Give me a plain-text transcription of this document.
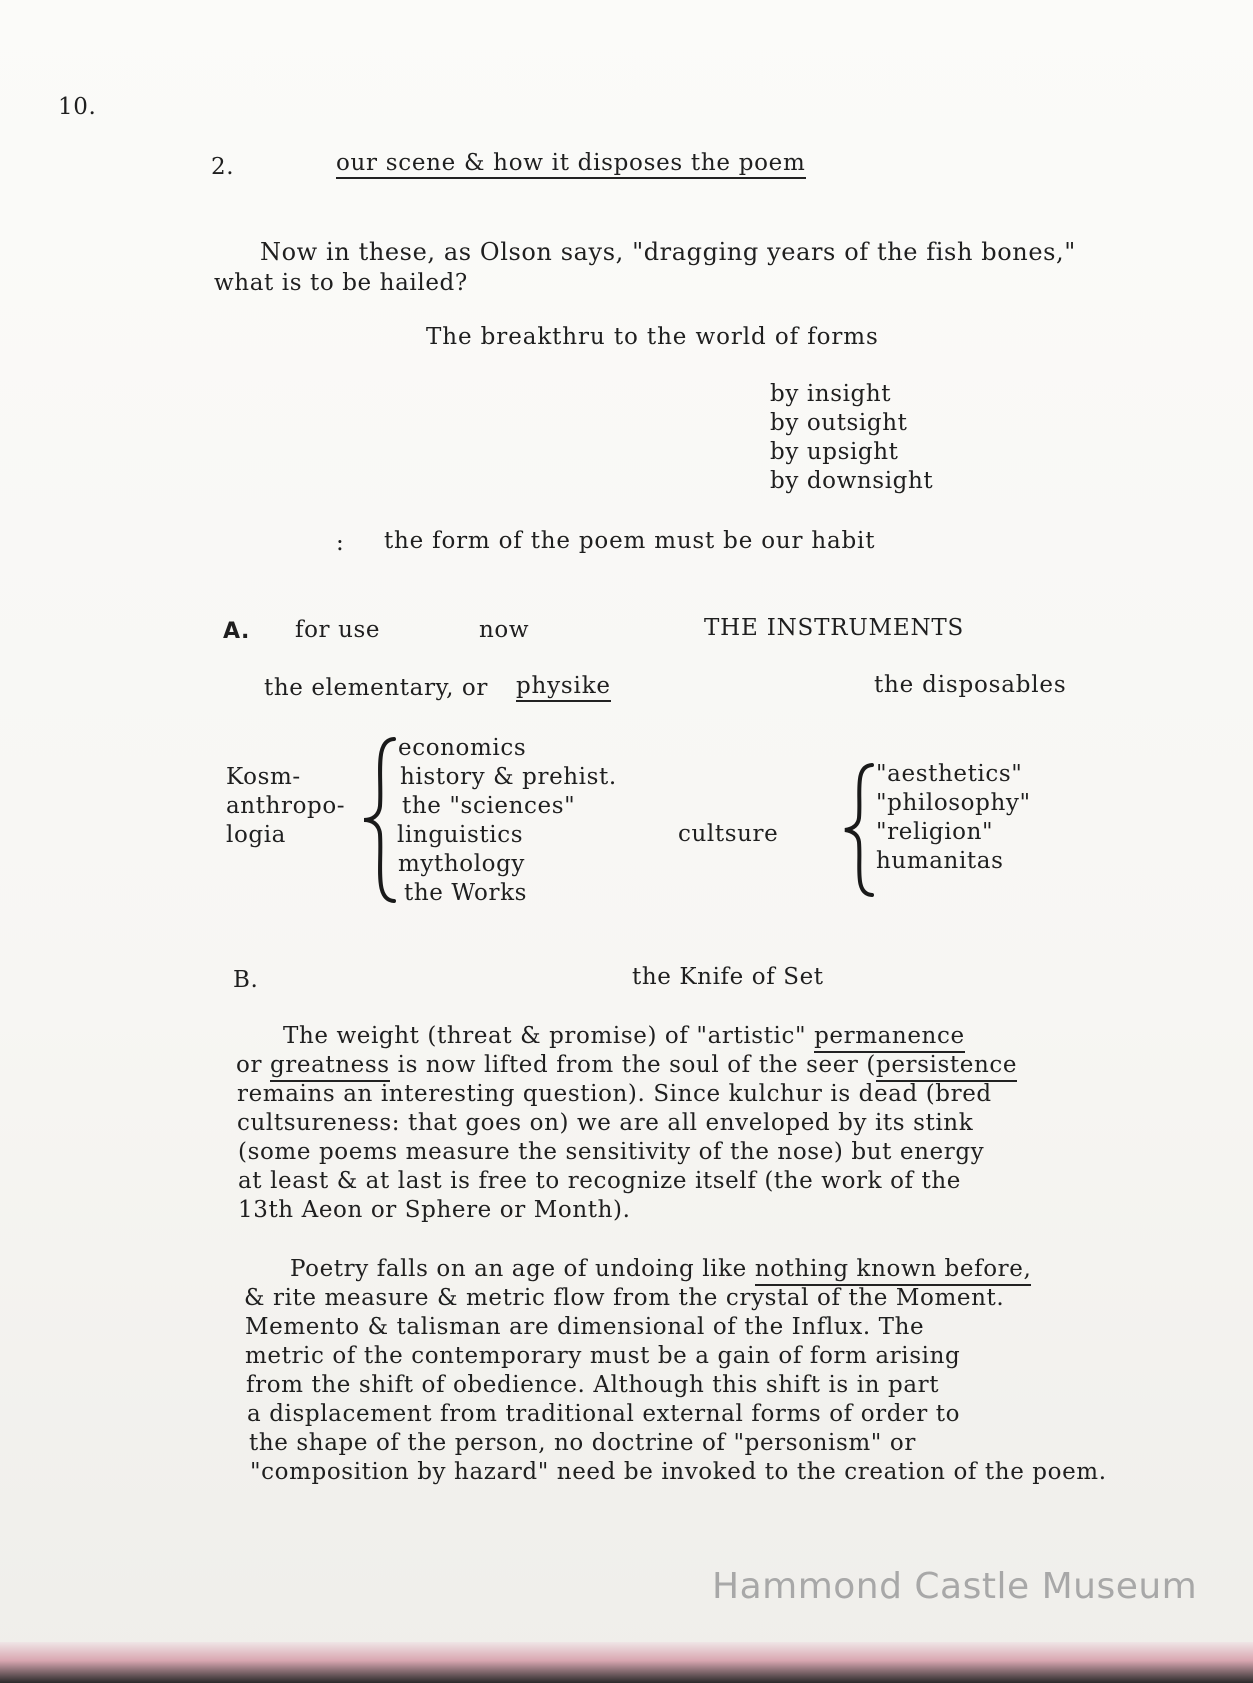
10.
2.	our scene & how it disposes the poem
Now in these, as Olson says, "dragging years of the fish bones,"
what is to be hailed?
The breakthru to the world of forms
by insight
by outsight
by upsight
by downsight
: the form of the poem must be our habit
A. for use	now	THE INSTRUMENTS
the elementary, or physike	the disposables
Kosm-
anthropo-
logia
economics
history & prehist.
the "sciences"
linguistics
mythology
the Works
cultsure
"aesthetics"
"philosophy"
"religion"
humanitas
B.	the Knife of Set
The weight (threat & promise) of "artistic" permanence
or greatness is now lifted from the soul of the seer (persistence
remains an interesting question). Since kulchur is dead (bred
cultsureness: that goes on) we are all enveloped by its stink
(some poems measure the sensitivity of the nose) but energy
at least & at last is free to recognize itself (the work of the
13th Aeon or Sphere or Month).
Poetry falls on an age of undoing like nothing known before,
& rite measure & metric flow from the crystal of the Moment.
Memento & talisman are dimensional of the Influx. The
metric of the contemporary must be a gain of form arising
from the shift of obedience. Although this shift is in part
a displacement from traditional external forms of order to
the shape of the person, no doctrine of "personism" or
"composition by hazard" need be invoked to the creation of the poem.
Hammond Castle Museum
